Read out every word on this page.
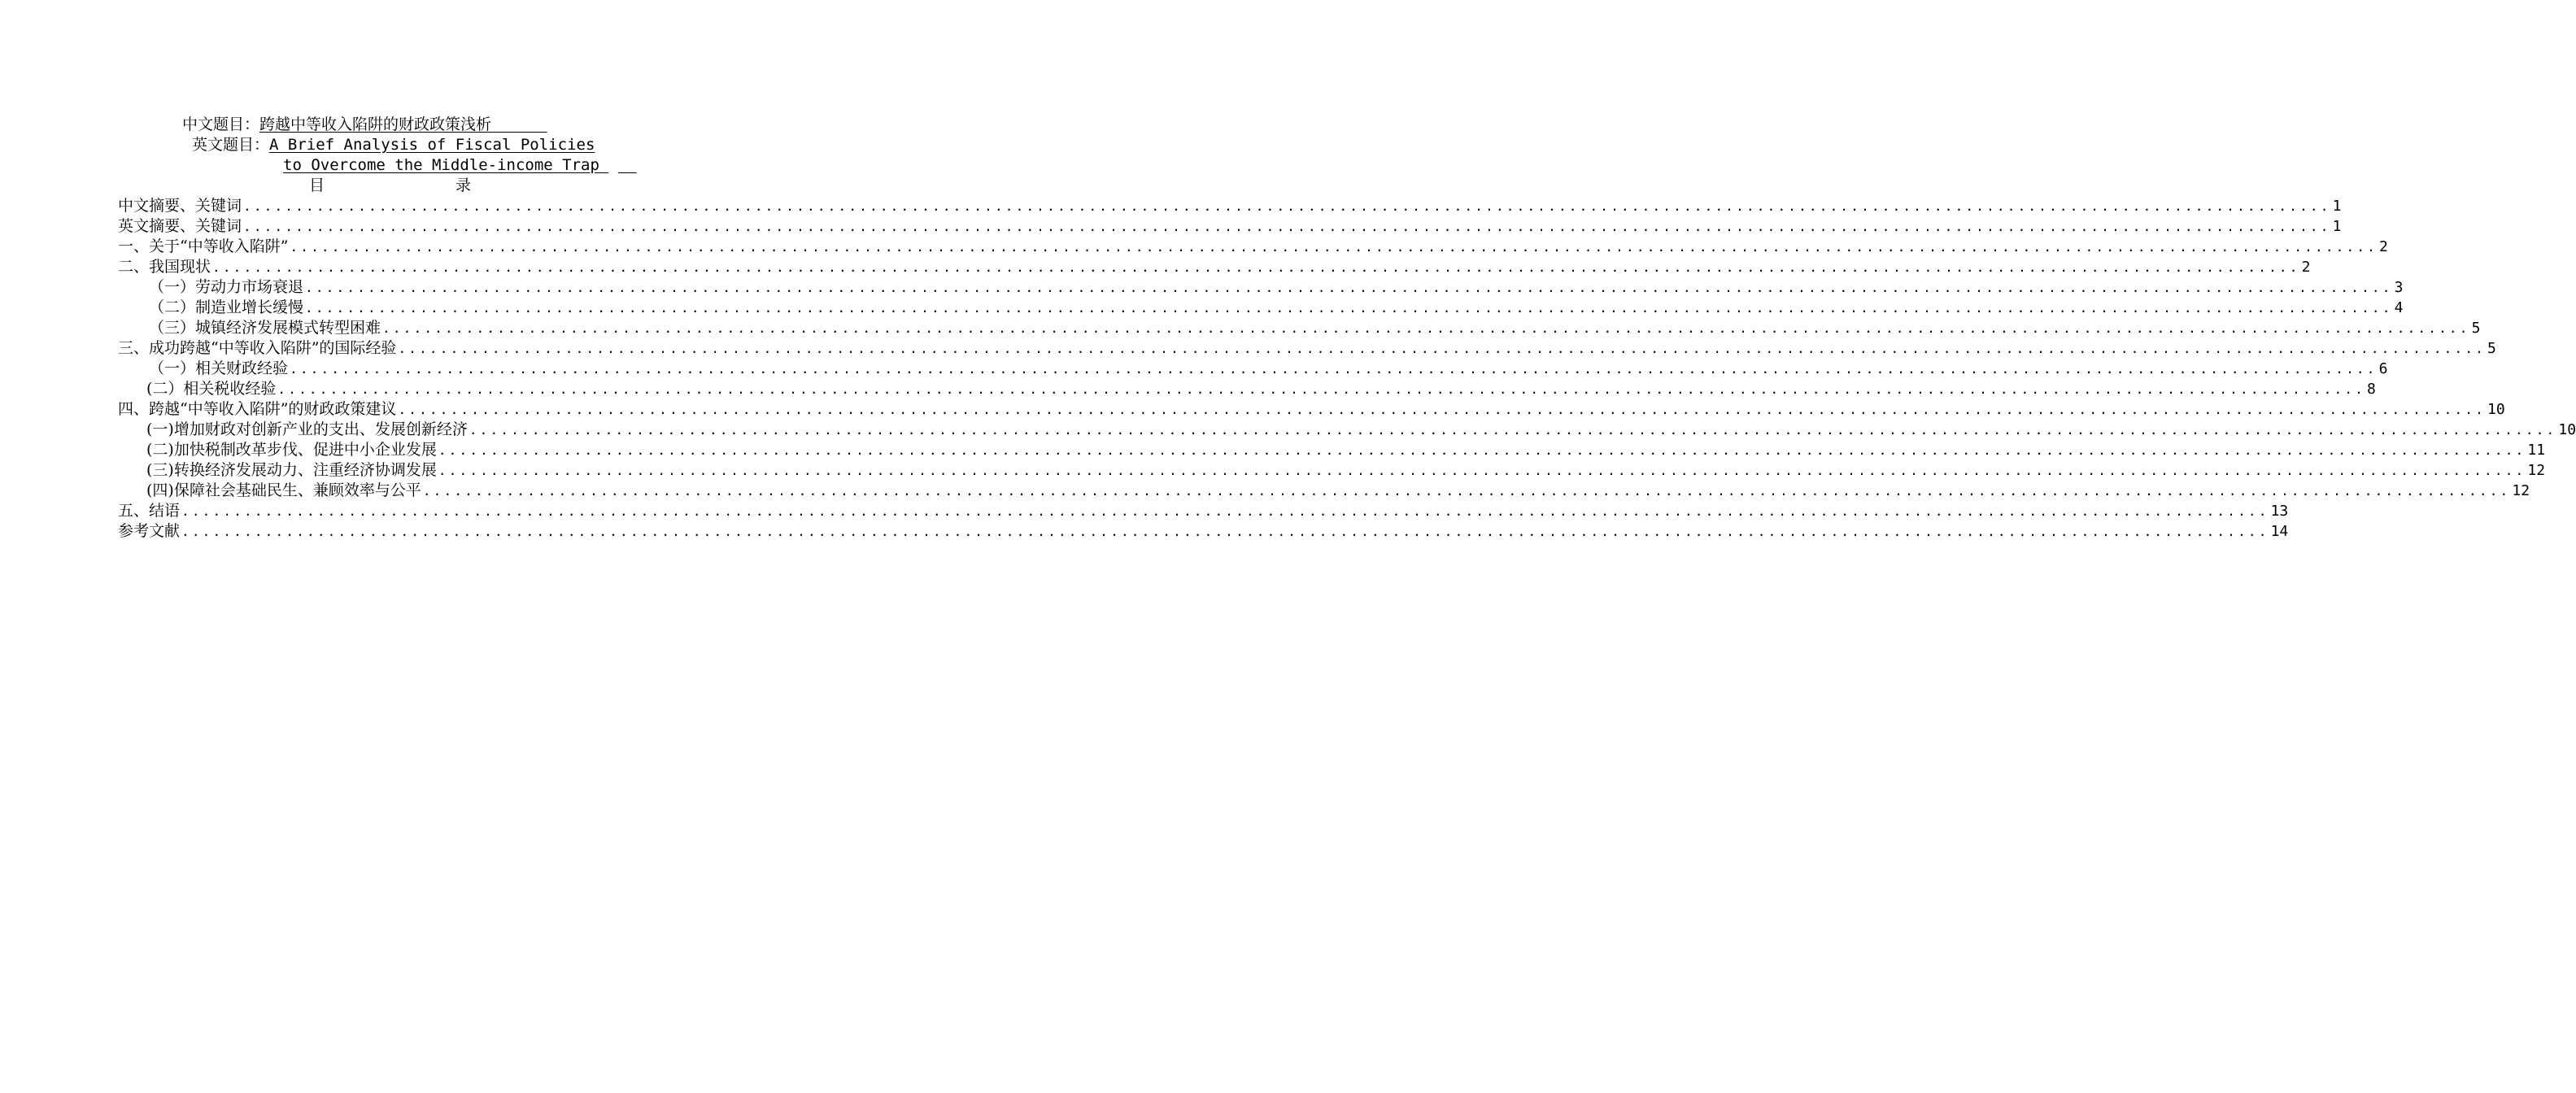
中文题目：跨越中等收入陷阱的财政政策浅析
英文题目：A Brief Analysis of Fiscal Policies
to Overcome the Middle-income Trap
目	录
中文摘要、关键词 ........................................................................................................................................................................................................ 1
英文摘要、关键词 ........................................................................................................................................................................................................ 1
一、关于“中等收入陷阱” ........................................................................................................................................................................................................ 2
二、我国现状 ........................................................................................................................................................................................................ 2
（一）劳动力市场衰退 ........................................................................................................................................................................................................ 3
（二）制造业增长缓慢 ........................................................................................................................................................................................................ 4
（三）城镇经济发展模式转型困难 ........................................................................................................................................................................................................ 5
三、成功跨越“中等收入陷阱”的国际经验 ........................................................................................................................................................................................................ 5
（一）相关财政经验 ........................................................................................................................................................................................................ 6
(二）相关税收经验 ........................................................................................................................................................................................................ 8
四、跨越“中等收入陷阱”的财政政策建议 ........................................................................................................................................................................................................ 10
(一)增加财政对创新产业的支出、发展创新经济 ........................................................................................................................................................................................................ 10
(二)加快税制改革步伐、促进中小企业发展 ........................................................................................................................................................................................................ 11
(三)转换经济发展动力、注重经济协调发展 ........................................................................................................................................................................................................ 12
(四)保障社会基础民生、兼顾效率与公平 ........................................................................................................................................................................................................ 12
五、结语 ........................................................................................................................................................................................................ 13
参考文献 ........................................................................................................................................................................................................ 14
